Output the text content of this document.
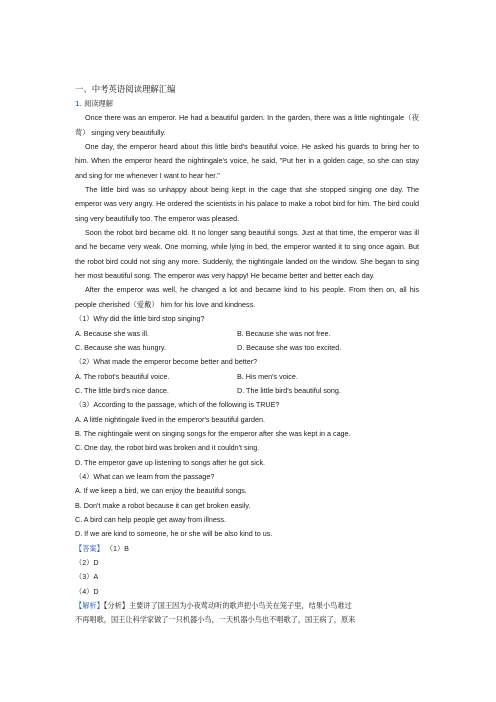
一、中考英语阅读理解汇编
1. 阅读理解
Once there was an emperor. He had a beautiful garden. In the garden, there was a little nightingale（夜莺） singing very beautifully.
One day, the emperor heard about this little bird's beautiful voice. He asked his guards to bring her to him. When the emperor heard the nightingale's voice, he said, "Put her in a golden cage, so she can stay and sing for me whenever I want to hear her."
The little bird was so unhappy about being kept in the cage that she stopped singing one day. The emperor was very angry. He ordered the scientists in his palace to make a robot bird for him. The bird could sing very beautifully too. The emperor was pleased.
Soon the robot bird became old. It no longer sang beautiful songs. Just at that time, the emperor was ill and he became very weak. One morning, while lying in bed, the emperor wanted it to sing once again. But the robot bird could not sing any more. Suddenly, the nightingale landed on the window. She began to sing her most beautiful song. The emperor was very happy! He became better and better each day.
After the emperor was well, he changed a lot and became kind to his people. From then on, all his people cherished（爱戴） him for his love and kindness.
（1）Why did the little bird stop singing?
A. Because she was ill.	B. Because she was not free.
C. Because she was hungry.	D. Because she was too excited.
（2）What made the emperor become better and better?
A. The robot's beautiful voice.	B. His men's voice.
C. The little bird's nice dance.	D. The little bird's beautiful song.
（3）According to the passage, which of the following is TRUE?
A. A little nightingale lived in the emperor's beautiful garden.
B. The nightingale went on singing songs for the emperor after she was kept in a cage.
C. One day, the robot bird was broken and it couldn't sing.
D. The emperor gave up listening to songs after he got sick.
（4）What can we learn from the passage?
A. If we keep a bird, we can enjoy the beautiful songs.
B. Don't make a robot because it can get broken easily.
C. A bird can help people get away from illness.
D. If we are kind to someone, he or she will be also kind to us.
【答案】 （1）B
（2）D
（3）A
（4）D
【解析】【分析】主要讲了国王因为小夜莺动听的歌声把小鸟关在笼子里，结果小鸟难过
不再唱歌，国王让科学家做了一只机器小鸟，一天机器小鸟也不唱歌了，国王病了，原来
